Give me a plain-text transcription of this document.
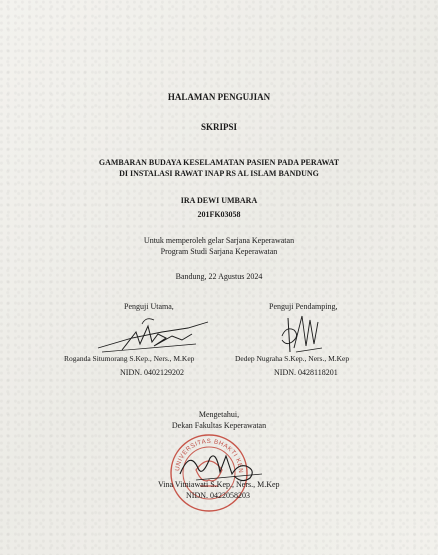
HALAMAN PENGUJIAN
SKRIPSI
GAMBARAN BUDAYA KESELAMATAN PASIEN PADA PERAWAT
DI INSTALASI RAWAT INAP RS AL ISLAM BANDUNG
IRA DEWI UMBARA
201FK03058
Untuk memperoleh gelar Sarjana Keperawatan
Program Studi Sarjana Keperawatan
Bandung, 22 Agustus 2024
Penguji Utama,
Roganda Situmorang S.Kep., Ners., M.Kep
NIDN. 0402129202
Penguji Pendamping,
Dedep Nugraha S.Kep., Ners., M.Kep
NIDN. 0428118201
Mengetahui,
Dekan Fakultas Keperawatan
UNIVERSITAS BHAKTI KENCANA
Vina Vitniawati S.Kep., Ners., M.Kep
NIDN. 0422058203
